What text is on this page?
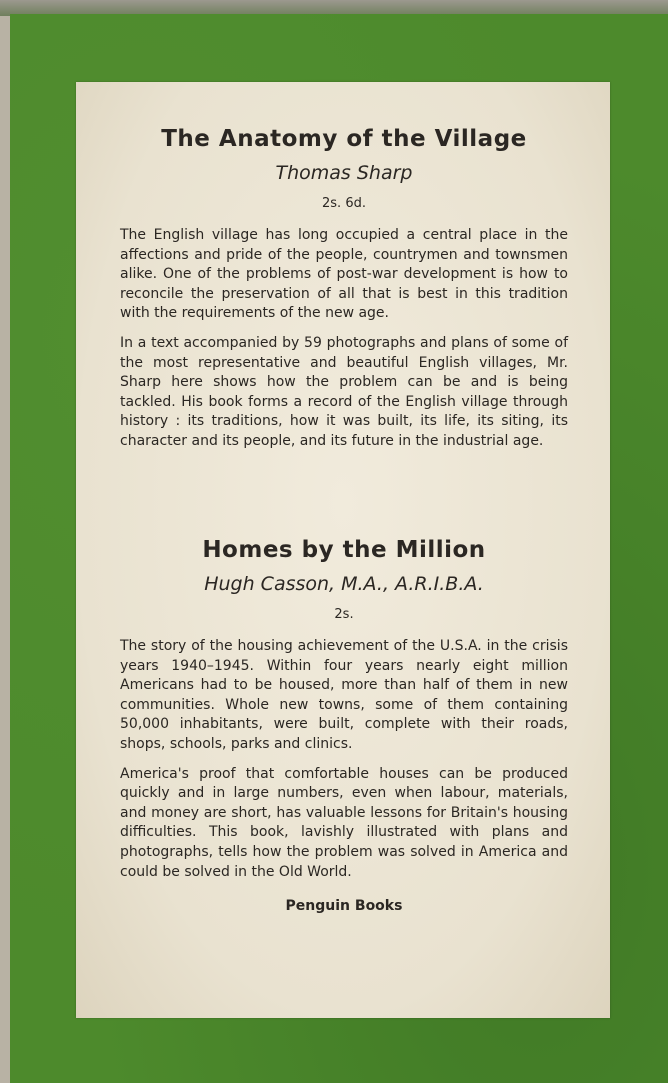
The Anatomy of the Village

Thomas Sharp

2s. 6d.

The English village has long occupied a central place in the affections and pride of the people, countrymen and townsmen alike. One of the problems of post-war development is how to reconcile the preservation of all that is best in this tradition with the requirements of the new age.

In a text accompanied by 59 photographs and plans of some of the most representative and beautiful English villages, Mr. Sharp here shows how the problem can be and is being tackled. His book forms a record of the English village through history : its traditions, how it was built, its life, its siting, its character and its people, and its future in the industrial age.

Homes by the Million

Hugh Casson, M.A., A.R.I.B.A.

2s.

The story of the housing achievement of the U.S.A. in the crisis years 1940–1945. Within four years nearly eight million Americans had to be housed, more than half of them in new communities. Whole new towns, some of them containing 50,000 inhabitants, were built, complete with their roads, shops, schools, parks and clinics.

America's proof that comfortable houses can be produced quickly and in large numbers, even when labour, materials, and money are short, has valuable lessons for Britain's housing difficulties. This book, lavishly illustrated with plans and photographs, tells how the problem was solved in America and could be solved in the Old World.

Penguin Books
